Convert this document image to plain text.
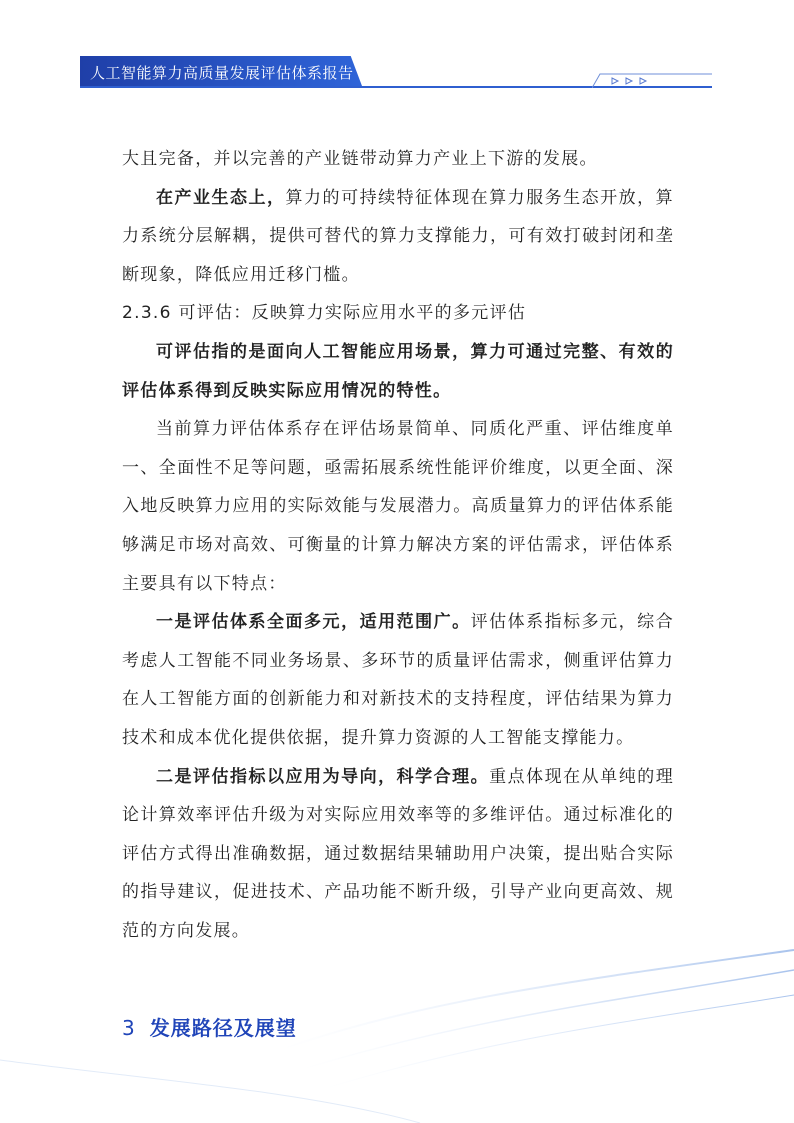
人工智能算力高质量发展评估体系报告

大且完备，并以完善的产业链带动算力产业上下游的发展。

在产业生态上，算力的可持续特征体现在算力服务生态开放，算力系统分层解耦，提供可替代的算力支撑能力，可有效打破封闭和垄断现象，降低应用迁移门槛。

2.3.6 可评估：反映算力实际应用水平的多元评估

可评估指的是面向人工智能应用场景，算力可通过完整、有效的评估体系得到反映实际应用情况的特性。

当前算力评估体系存在评估场景简单、同质化严重、评估维度单一、全面性不足等问题，亟需拓展系统性能评价维度，以更全面、深入地反映算力应用的实际效能与发展潜力。高质量算力的评估体系能够满足市场对高效、可衡量的计算力解决方案的评估需求，评估体系主要具有以下特点：

一是评估体系全面多元，适用范围广。评估体系指标多元，综合考虑人工智能不同业务场景、多环节的质量评估需求，侧重评估算力在人工智能方面的创新能力和对新技术的支持程度，评估结果为算力技术和成本优化提供依据，提升算力资源的人工智能支撑能力。

二是评估指标以应用为导向，科学合理。重点体现在从单纯的理论计算效率评估升级为对实际应用效率等的多维评估。通过标准化的评估方式得出准确数据，通过数据结果辅助用户决策，提出贴合实际的指导建议，促进技术、产品功能不断升级，引导产业向更高效、规范的方向发展。

3 发展路径及展望
